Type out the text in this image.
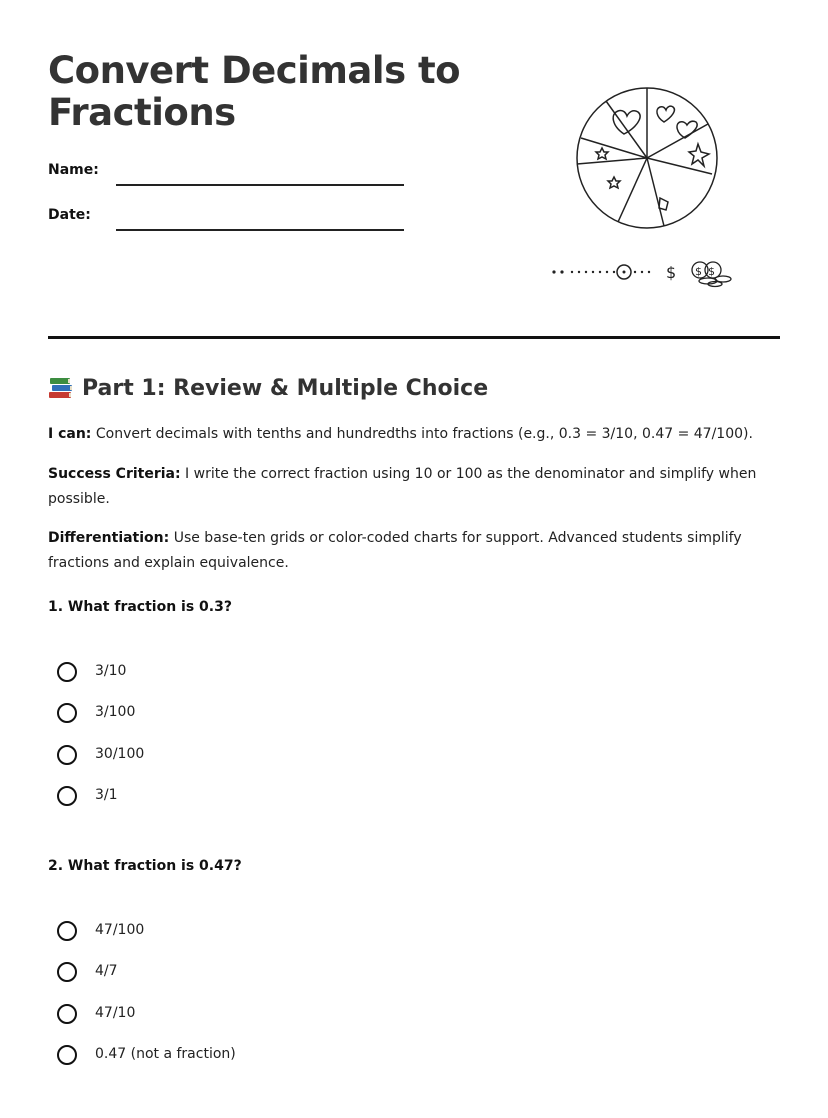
Convert Decimals to Fractions
Name:
Date:
$ $ $
Part 1: Review & Multiple Choice

I can: Convert decimals with tenths and hundredths into fractions (e.g., 0.3 = 3/10, 0.47 = 47/100).

Success Criteria: I write the correct fraction using 10 or 100 as the denominator and simplify when possible.

Differentiation: Use base-ten grids or color-coded charts for support. Advanced students simplify fractions and explain equivalence.

1. What fraction is 0.3?

3/10
3/100
30/100
3/1

2. What fraction is 0.47?

47/100
4/7
47/10
0.47 (not a fraction)
